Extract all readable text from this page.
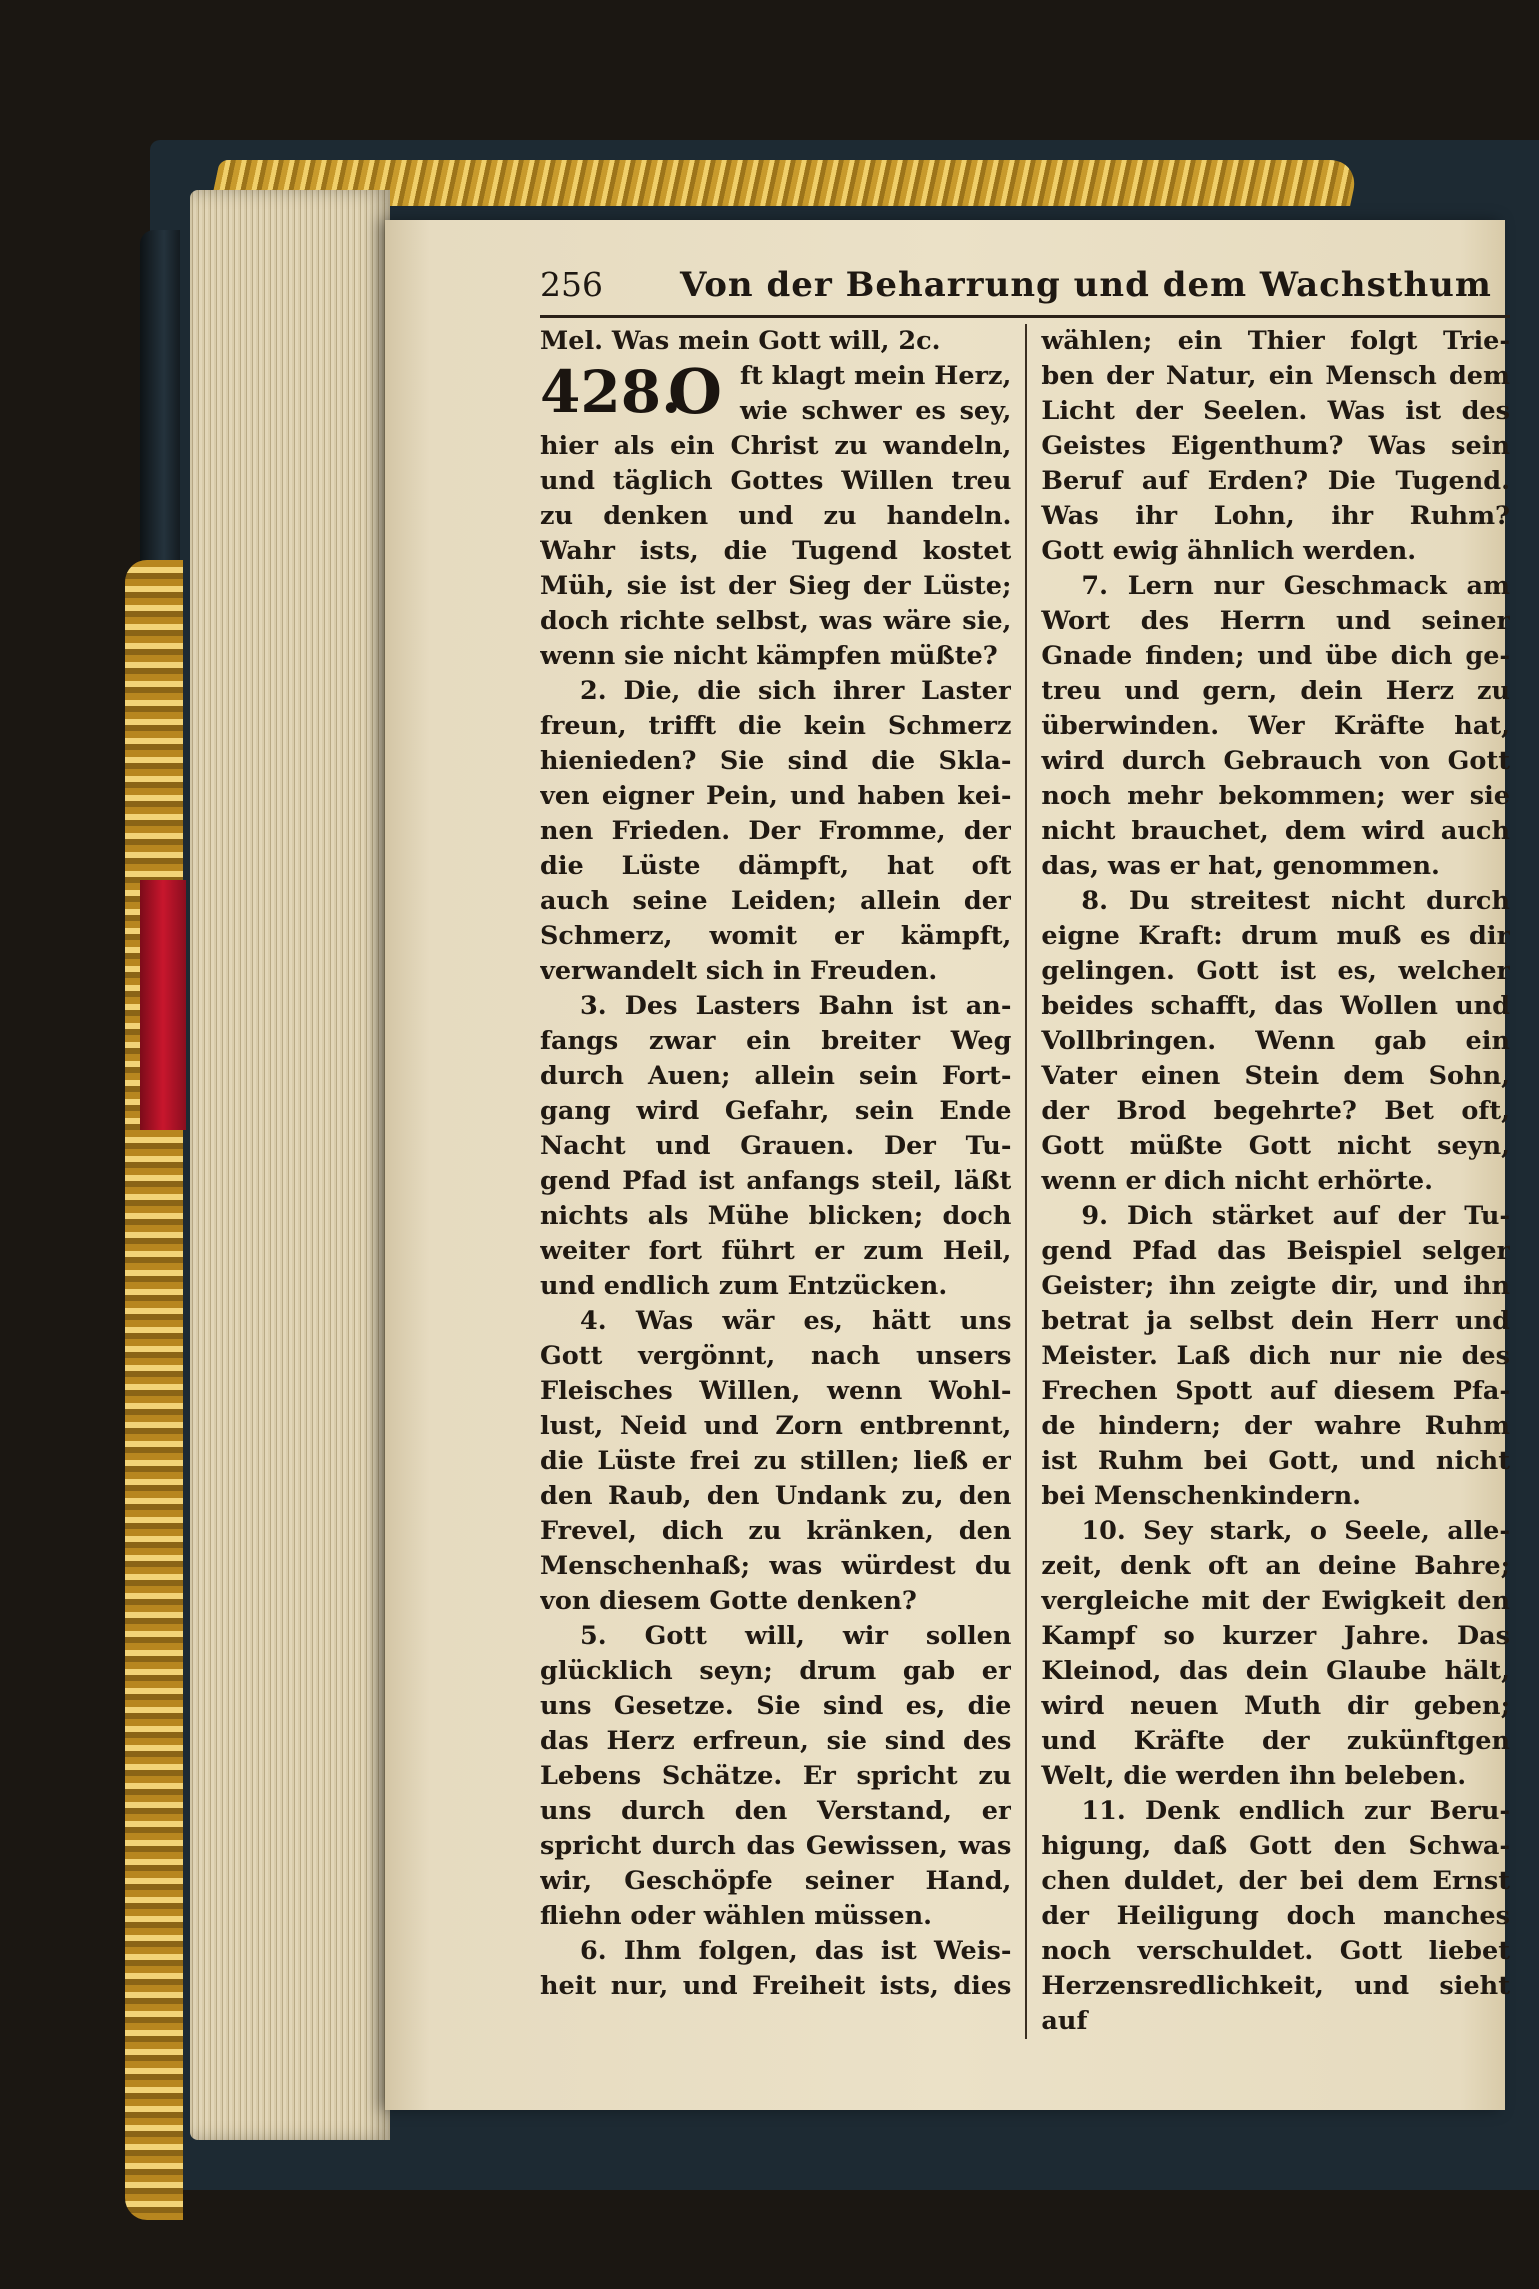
256	Von der Beharrung und dem Wachsthum
Mel. Was mein Gott will, 2c.
428.
O ft klagt mein Herz,
wie schwer es sey,
hier als ein Christ zu wandeln,
und täglich Gottes Willen treu
zu denken und zu handeln.
Wahr ists, die Tugend kostet
Müh, sie ist der Sieg der Lüste;
doch richte selbst, was wäre sie,
wenn sie nicht kämpfen müßte?
2. Die, die sich ihrer Laster
freun, trifft die kein Schmerz
hienieden? Sie sind die Skla-
ven eigner Pein, und haben kei-
nen Frieden. Der Fromme, der
die Lüste dämpft, hat oft
auch seine Leiden; allein der
Schmerz, womit er kämpft,
verwandelt sich in Freuden.
3. Des Lasters Bahn ist an-
fangs zwar ein breiter Weg
durch Auen; allein sein Fort-
gang wird Gefahr, sein Ende
Nacht und Grauen. Der Tu-
gend Pfad ist anfangs steil, läßt
nichts als Mühe blicken; doch
weiter fort führt er zum Heil,
und endlich zum Entzücken.
4. Was wär es, hätt uns
Gott vergönnt, nach unsers
Fleisches Willen, wenn Wohl-
lust, Neid und Zorn entbrennt,
die Lüste frei zu stillen; ließ er
den Raub, den Undank zu, den
Frevel, dich zu kränken, den
Menschenhaß; was würdest du
von diesem Gotte denken?
5. Gott will, wir sollen
glücklich seyn; drum gab er
uns Gesetze. Sie sind es, die
das Herz erfreun, sie sind des
Lebens Schätze. Er spricht zu
uns durch den Verstand, er
spricht durch das Gewissen, was
wir, Geschöpfe seiner Hand,
fliehn oder wählen müssen.
6. Ihm folgen, das ist Weis-
heit nur, und Freiheit ists, dies
wählen; ein Thier folgt Trie-
ben der Natur, ein Mensch dem
Licht der Seelen. Was ist des
Geistes Eigenthum? Was sein
Beruf auf Erden? Die Tugend.
Was ihr Lohn, ihr Ruhm?
Gott ewig ähnlich werden.
7. Lern nur Geschmack am
Wort des Herrn und seiner
Gnade finden; und übe dich ge-
treu und gern, dein Herz zu
überwinden. Wer Kräfte hat,
wird durch Gebrauch von Gott
noch mehr bekommen; wer sie
nicht brauchet, dem wird auch
das, was er hat, genommen.
8. Du streitest nicht durch
eigne Kraft: drum muß es dir
gelingen. Gott ist es, welcher
beides schafft, das Wollen und
Vollbringen. Wenn gab ein
Vater einen Stein dem Sohn,
der Brod begehrte? Bet oft,
Gott müßte Gott nicht seyn,
wenn er dich nicht erhörte.
9. Dich stärket auf der Tu-
gend Pfad das Beispiel selger
Geister; ihn zeigte dir, und ihn
betrat ja selbst dein Herr und
Meister. Laß dich nur nie des
Frechen Spott auf diesem Pfa-
de hindern; der wahre Ruhm
ist Ruhm bei Gott, und nicht
bei Menschenkindern.
10. Sey stark, o Seele, alle-
zeit, denk oft an deine Bahre;
vergleiche mit der Ewigkeit den
Kampf so kurzer Jahre. Das
Kleinod, das dein Glaube hält,
wird neuen Muth dir geben;
und Kräfte der zukünftgen
Welt, die werden ihn beleben.
11. Denk endlich zur Beru-
higung, daß Gott den Schwa-
chen duldet, der bei dem Ernst
der Heiligung doch manches
noch verschuldet. Gott liebet
Herzensredlichkeit, und sieht
auf
